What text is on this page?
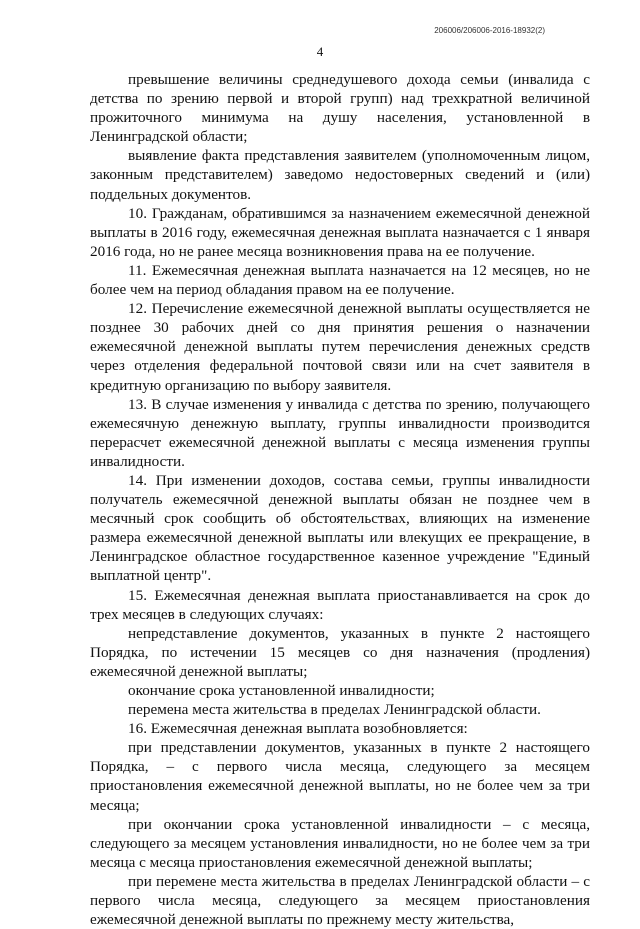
206006/206006-2016-18932(2)
4

превышение величины среднедушевого дохода семьи (инвалида с детства по зрению первой и второй групп) над трехкратной величиной прожиточного минимума на душу населения, установленной в Ленинградской области;

выявление факта представления заявителем (уполномоченным лицом, законным представителем) заведомо недостоверных сведений и (или) поддельных документов.

10. Гражданам, обратившимся за назначением ежемесячной денежной выплаты в 2016 году, ежемесячная денежная выплата назначается с 1 января 2016 года, но не ранее месяца возникновения права на ее получение.

11. Ежемесячная денежная выплата назначается на 12 месяцев, но не более чем на период обладания правом на ее получение.

12. Перечисление ежемесячной денежной выплаты осуществляется не позднее 30 рабочих дней со дня принятия решения о назначении ежемесячной денежной выплаты путем перечисления денежных средств через отделения федеральной почтовой связи или на счет заявителя в кредитную организацию по выбору заявителя.

13. В случае изменения у инвалида с детства по зрению, получающего ежемесячную денежную выплату, группы инвалидности производится перерасчет ежемесячной денежной выплаты с месяца изменения группы инвалидности.

14. При изменении доходов, состава семьи, группы инвалидности получатель ежемесячной денежной выплаты обязан не позднее чем в месячный срок сообщить об обстоятельствах, влияющих на изменение размера ежемесячной денежной выплаты или влекущих ее прекращение, в Ленинградское областное государственное казенное учреждение "Единый выплатной центр".

15. Ежемесячная денежная выплата приостанавливается на срок до трех месяцев в следующих случаях:

непредставление документов, указанных в пункте 2 настоящего Порядка, по истечении 15 месяцев со дня назначения (продления) ежемесячной денежной выплаты;

окончание срока установленной инвалидности;

перемена места жительства в пределах Ленинградской области.

16. Ежемесячная денежная выплата возобновляется:

при представлении документов, указанных в пункте 2 настоящего Порядка, – с первого числа месяца, следующего за месяцем приостановления ежемесячной денежной выплаты, но не более чем за три месяца;

при окончании срока установленной инвалидности – с месяца, следующего за месяцем установления инвалидности, но не более чем за три месяца с месяца приостановления ежемесячной денежной выплаты;

при перемене места жительства в пределах Ленинградской области – с первого числа месяца, следующего за месяцем приостановления ежемесячной денежной выплаты по прежнему месту жительства,
